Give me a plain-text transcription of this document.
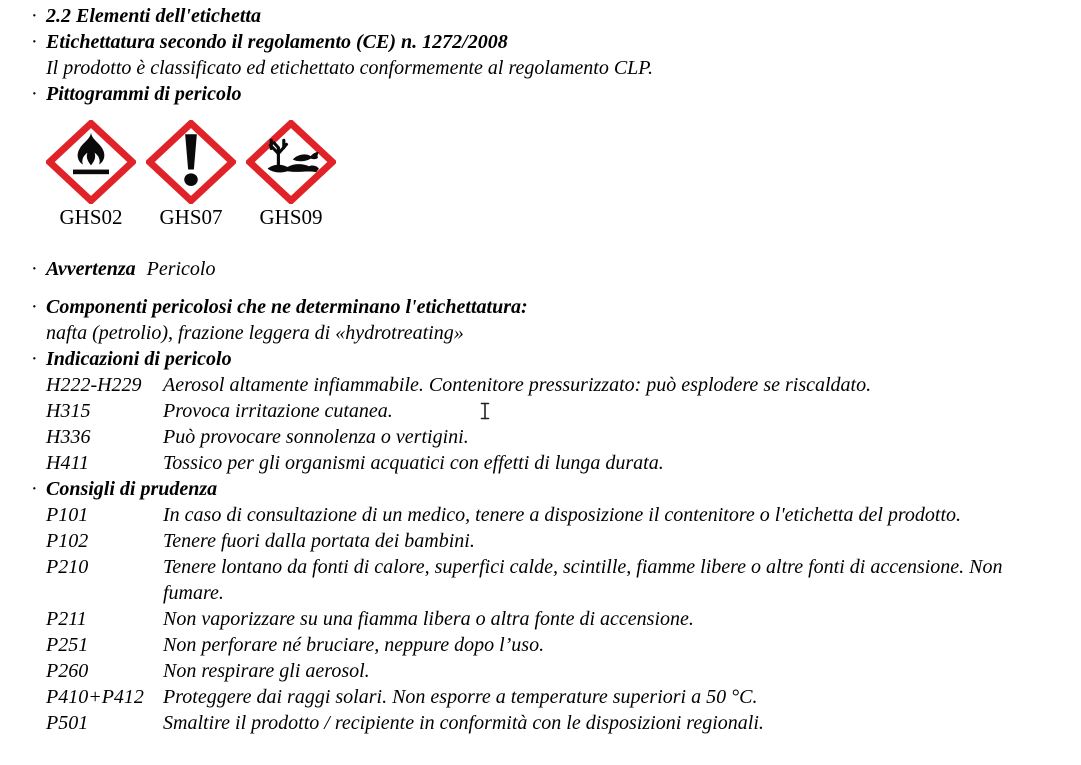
· 2.2 Elementi dell'etichetta
· Etichettatura secondo il regolamento (CE) n. 1272/2008
Il prodotto è classificato ed etichettato conformemente al regolamento CLP.
· Pittogrammi di pericolo
GHS02 GHS07 GHS09
· Avvertenza Pericolo
· Componenti pericolosi che ne determinano l'etichettatura:
nafta (petrolio), frazione leggera di «hydrotreating»
· Indicazioni di pericolo
H222-H229	Aerosol altamente infiammabile. Contenitore pressurizzato: può esplodere se riscaldato.
H315	Provoca irritazione cutanea.
H336	Può provocare sonnolenza o vertigini.
H411	Tossico per gli organismi acquatici con effetti di lunga durata.
· Consigli di prudenza
P101	In caso di consultazione di un medico, tenere a disposizione il contenitore o l'etichetta del prodotto.
P102	Tenere fuori dalla portata dei bambini.
P210	Tenere lontano da fonti di calore, superfici calde, scintille, fiamme libere o altre fonti di accensione. Non fumare.
P211	Non vaporizzare su una fiamma libera o altra fonte di accensione.
P251	Non perforare né bruciare, neppure dopo l’uso.
P260	Non respirare gli aerosol.
P410+P412 Proteggere dai raggi solari. Non esporre a temperature superiori a 50 °C.
P501	Smaltire il prodotto / recipiente in conformità con le disposizioni regionali.
